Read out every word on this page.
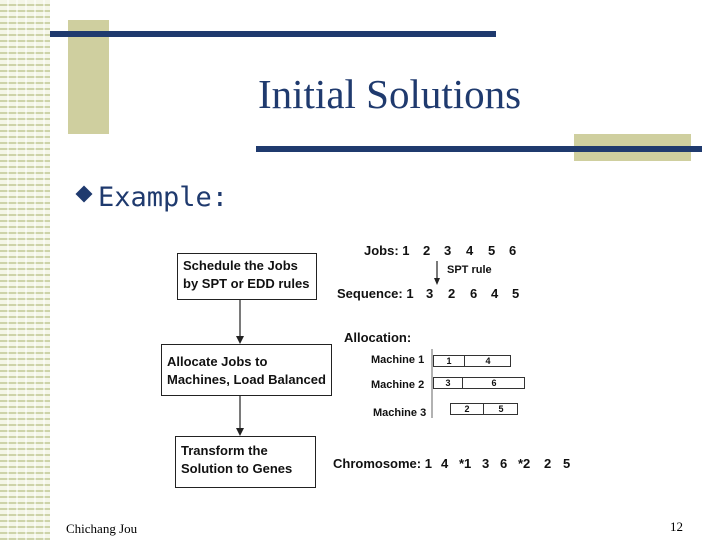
Initial Solutions
Example:
Schedule the Jobs by SPT or EDD rules
Allocate Jobs to Machines, Load Balanced
Transform the Solution to Genes
Jobs: 1 2 3 4 5 6
SPT rule
Sequence: 1 3 2 6 4 5
Allocation:
Machine 1	1	4
Machine 2	3	6
Machine 3	2	5
Chromosome: 1 4 *1 3 6 *2 2 5
Chichang Jou	12
